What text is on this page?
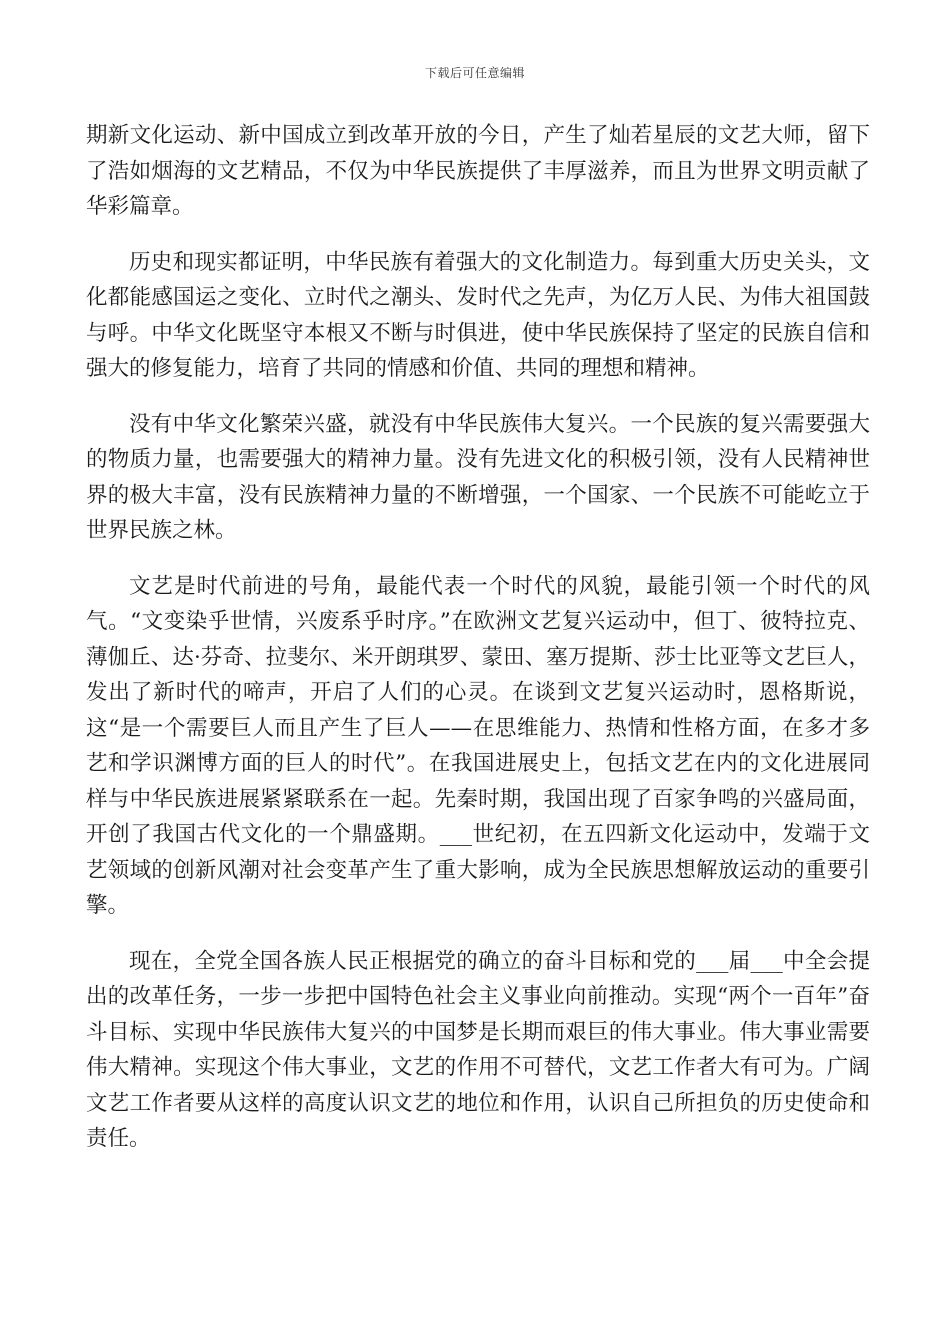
下载后可任意编辑

期新文化运动、新中国成立到改革开放的今日，产生了灿若星辰的文艺大师，留下了浩如烟海的文艺精品，不仅为中华民族提供了丰厚滋养，而且为世界文明贡献了华彩篇章。

历史和现实都证明，中华民族有着强大的文化制造力。每到重大历史关头，文化都能感国运之变化、立时代之潮头、发时代之先声，为亿万人民、为伟大祖国鼓与呼。中华文化既坚守本根又不断与时俱进，使中华民族保持了坚定的民族自信和强大的修复能力，培育了共同的情感和价值、共同的理想和精神。

没有中华文化繁荣兴盛，就没有中华民族伟大复兴。一个民族的复兴需要强大的物质力量，也需要强大的精神力量。没有先进文化的积极引领，没有人民精神世界的极大丰富，没有民族精神力量的不断增强，一个国家、一个民族不可能屹立于世界民族之林。

文艺是时代前进的号角，最能代表一个时代的风貌，最能引领一个时代的风气。“文变染乎世情，兴废系乎时序。”在欧洲文艺复兴运动中，但丁、彼特拉克、薄伽丘、达·芬奇、拉斐尔、米开朗琪罗、蒙田、塞万提斯、莎士比亚等文艺巨人，发出了新时代的啼声，开启了人们的心灵。在谈到文艺复兴运动时，恩格斯说，这“是一个需要巨人而且产生了巨人——在思维能力、热情和性格方面，在多才多艺和学识渊博方面的巨人的时代”。在我国进展史上，包括文艺在内的文化进展同样与中华民族进展紧紧联系在一起。先秦时期，我国出现了百家争鸣的兴盛局面，开创了我国古代文化的一个鼎盛期。___世纪初，在五四新文化运动中，发端于文艺领域的创新风潮对社会变革产生了重大影响，成为全民族思想解放运动的重要引擎。

现在，全党全国各族人民正根据党的确立的奋斗目标和党的___届___中全会提出的改革任务，一步一步把中国特色社会主义事业向前推动。实现“两个一百年”奋斗目标、实现中华民族伟大复兴的中国梦是长期而艰巨的伟大事业。伟大事业需要伟大精神。实现这个伟大事业，文艺的作用不可替代，文艺工作者大有可为。广阔文艺工作者要从这样的高度认识文艺的地位和作用，认识自己所担负的历史使命和责任。
